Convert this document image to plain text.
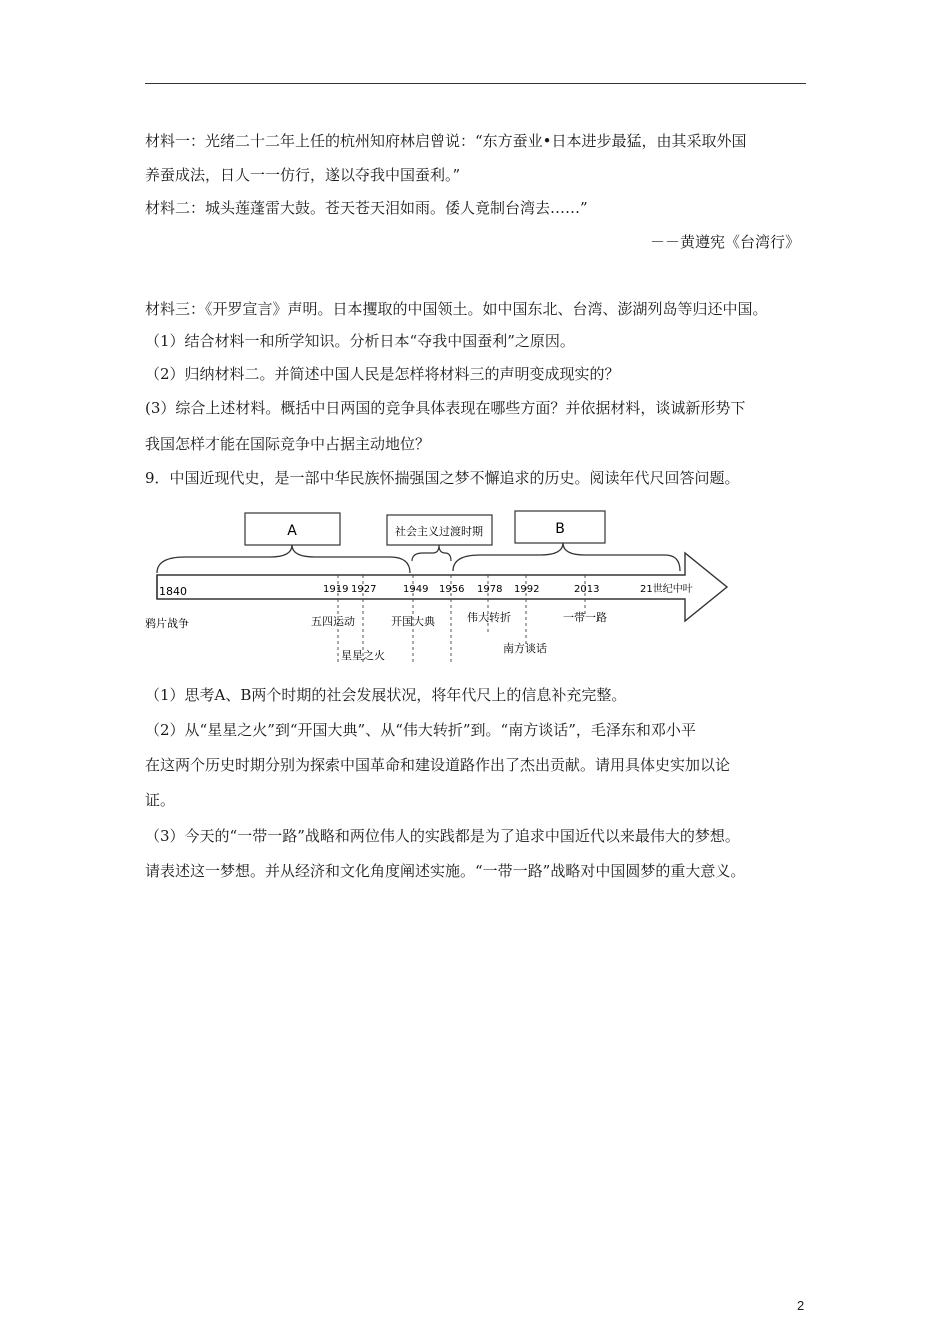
材料一：光绪二十二年上任的杭州知府林启曾说：“东方蚕业•日本进步最猛，由其采取外国
养蚕成法，日人一一仿行，遂以夺我中国蚕利。”
材料二：城头莲蓬雷大鼓。苍天苍天泪如雨。倭人竟制台湾去……”
－－黄遵宪《台湾行》
材料三：《开罗宣言》声明。日本攫取的中国领土。如中国东北、台湾、澎湖列岛等归还中国。
（1）结合材料一和所学知识。分析日本“夺我中国蚕利”之原因。
（2）归纳材料二。并简述中国人民是怎样将材料三的声明变成现实的？
(3）综合上述材料。概括中日两国的竞争具体表现在哪些方面？并依据材料，谈诚新形势下
我国怎样才能在国际竞争中占据主动地位？
9．中国近现代史，是一部中华民族怀揣强国之梦不懈追求的历史。阅读年代尺回答问题。
A	社会主义过渡时期	B
1840	1919 1927	1949 1956 1978 1992	2013	21世纪中叶
鸦片战争	五四运动
星星之火
开国大典	伟大转折
南方谈话
一带一路
（1）思考A、B两个时期的社会发展状况，将年代尺上的信息补充完整。
（2）从“星星之火”到“开国大典”、从“伟大转折”到。“南方谈话”，毛泽东和邓小平
在这两个历史时期分别为探索中国革命和建设道路作出了杰出贡献。请用具体史实加以论
证。
（3）今天的“一带一路”战略和两位伟人的实践都是为了追求中国近代以来最伟大的梦想。
请表述这一梦想。并从经济和文化角度阐述实施。“一带一路”战略对中国圆梦的重大意义。
2
